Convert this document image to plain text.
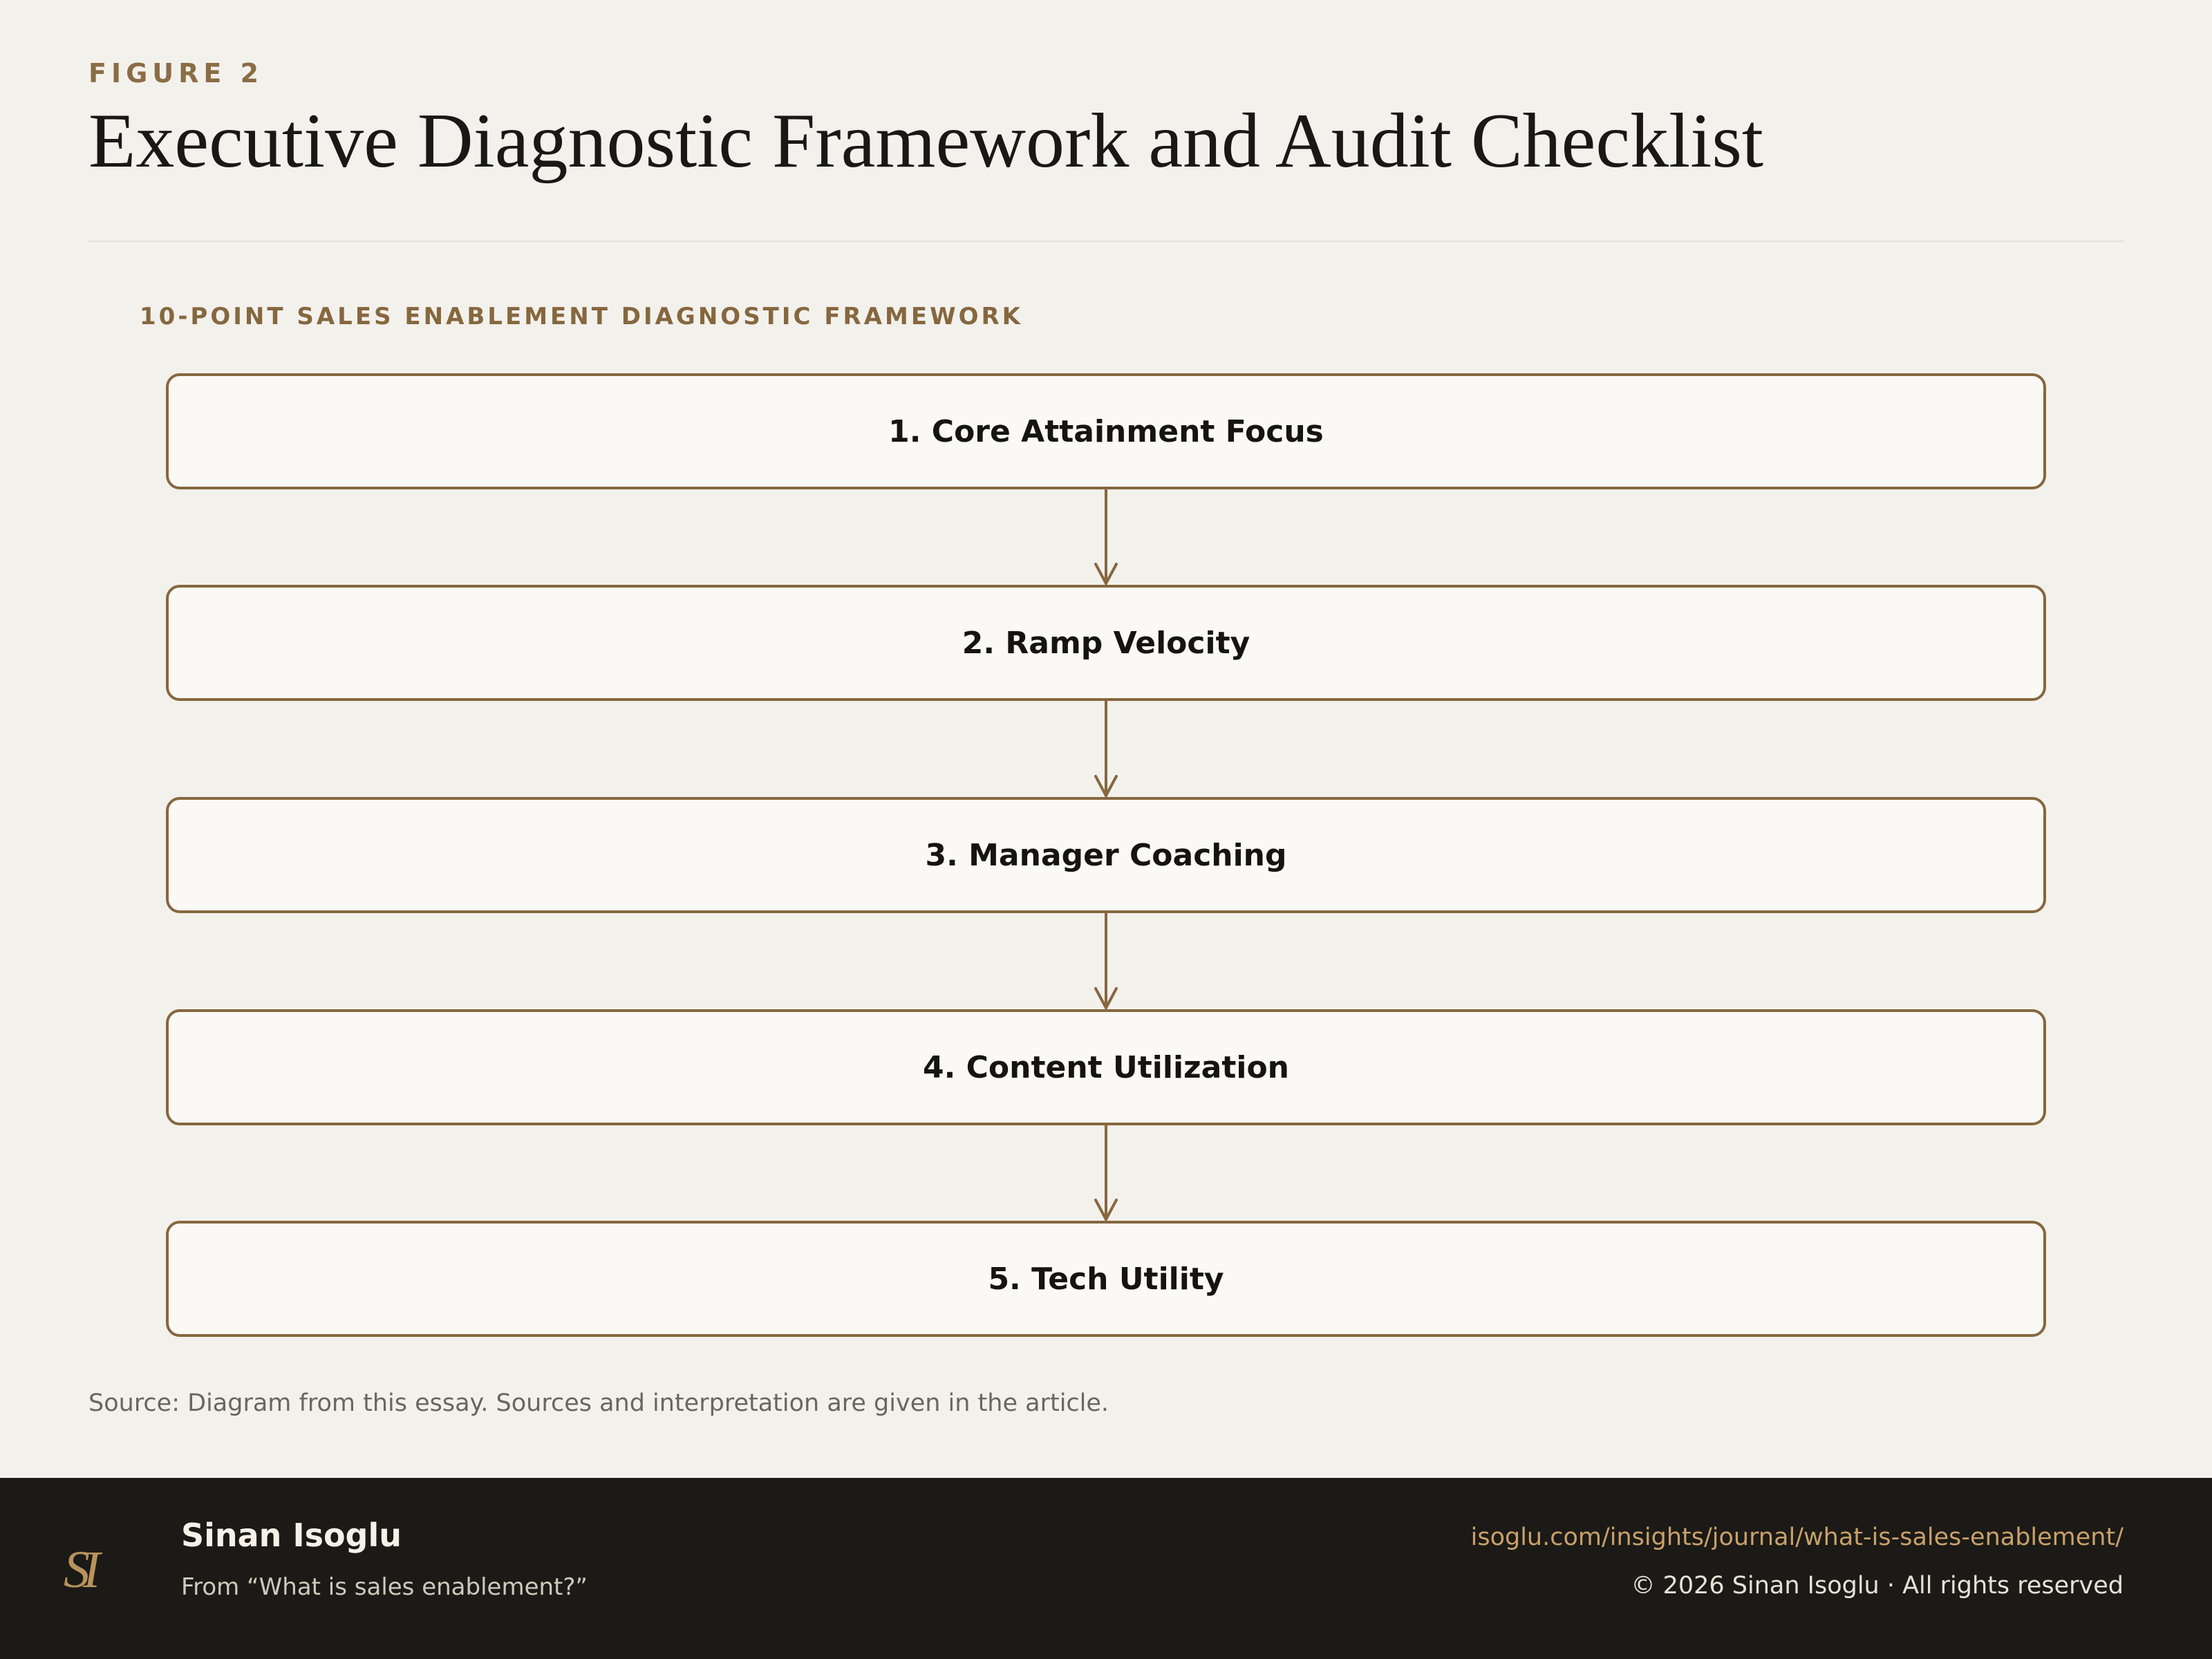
FIGURE 2
Executive Diagnostic Framework and Audit Checklist
10-POINT SALES ENABLEMENT DIAGNOSTIC FRAMEWORK
1. Core Attainment Focus
2. Ramp Velocity
3. Manager Coaching
4. Content Utilization
5. Tech Utility
Source: Diagram from this essay. Sources and interpretation are given in the article.
SI
Sinan Isoglu
From “What is sales enablement?”
isoglu.com/insights/journal/what-is-sales-enablement/
© 2026 Sinan Isoglu · All rights reserved
